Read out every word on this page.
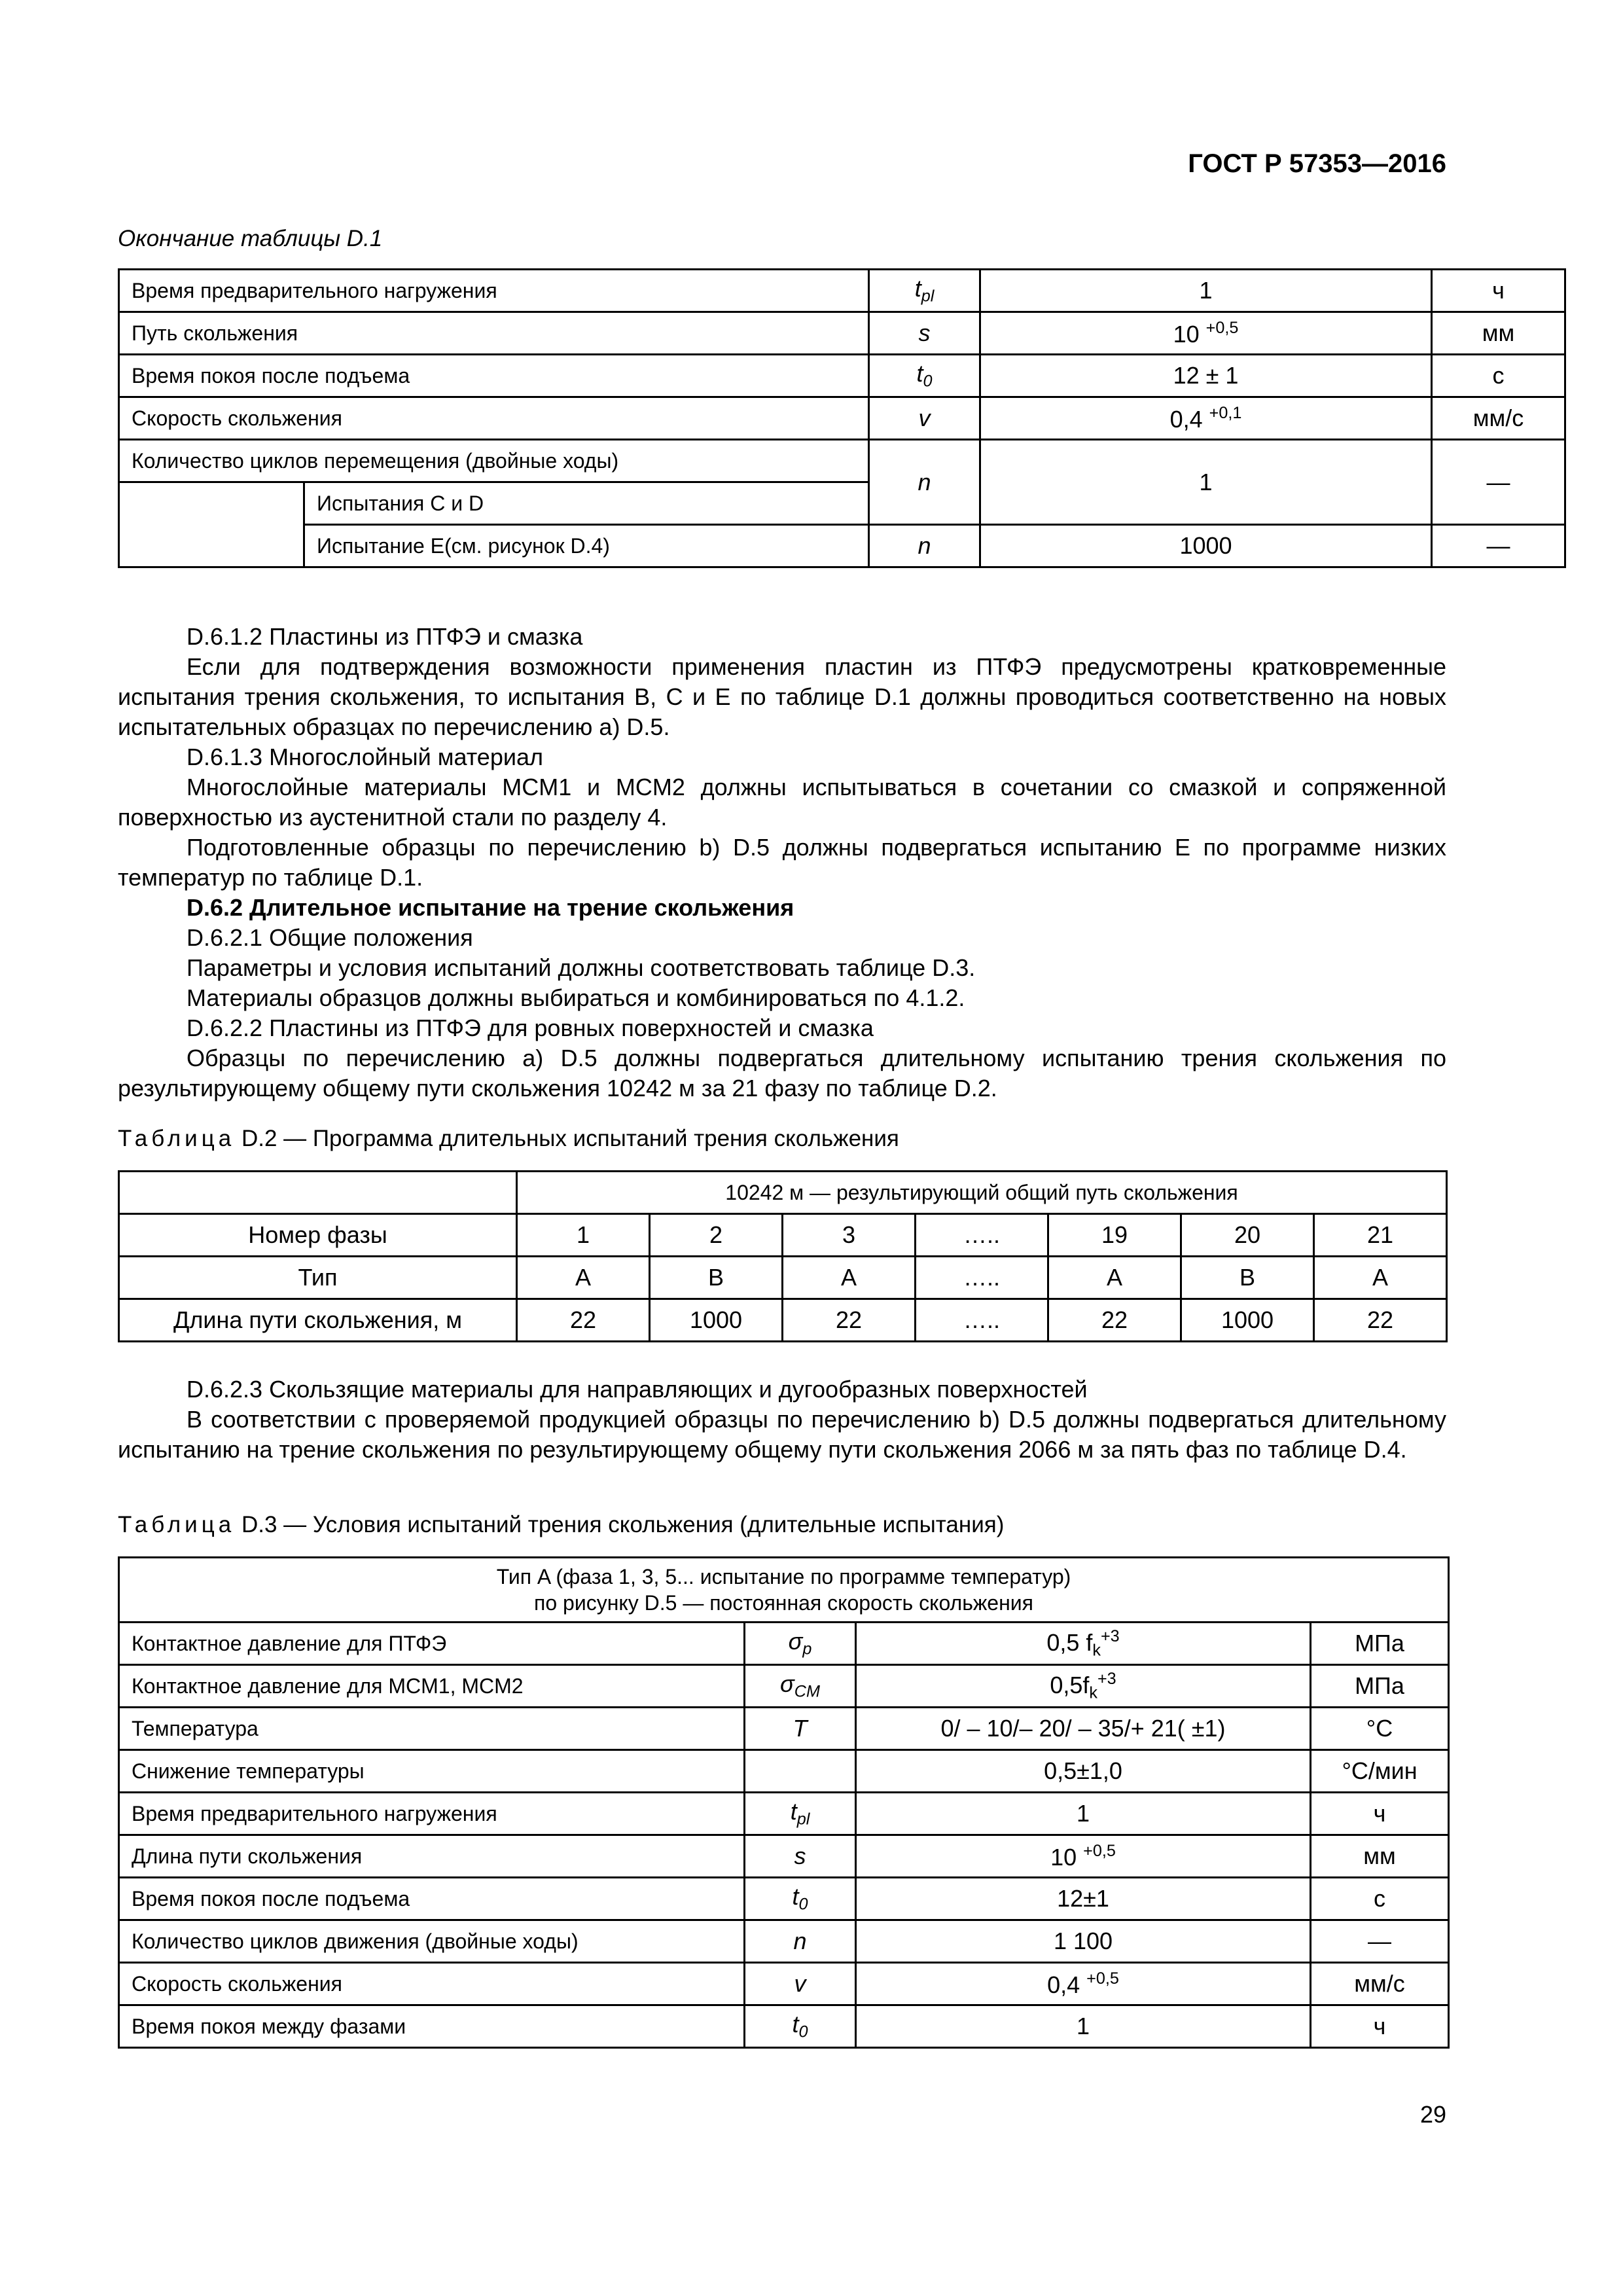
ГОСТ Р 57353—2016
Окончание таблицы D.1
Время предварительного нагружения		$t_{pl}$	1	ч
Путь скольжения		s	10 $^{+0,5}$	мм
Время покоя после подъема		$t_0$	12 ± 1	с
Скорость скольжения		v	0,4 $^{+0,1}$	мм/с
Количество циклов перемещения (двойные ходы)		n	1	—
	Испытания C и D			
	Испытание E(см. рисунок D.4)	n	1000	—

D.6.1.2 Пластины из ПТФЭ и смазка

Если для подтверждения возможности применения пластин из ПТФЭ предусмотрены кратковременные испытания трения скольжения, то испытания B, C и E по таблице D.1 должны проводиться соответственно на новых испытательных образцах по перечислению a) D.5.

D.6.1.3 Многослойный материал

Многослойные материалы MCM1 и MCM2 должны испытываться в сочетании со смазкой и сопряженной поверхностью из аустенитной стали по разделу 4.

Подготовленные образцы по перечислению b) D.5 должны подвергаться испытанию E по программе низких температур по таблице D.1.

D.6.2 Длительное испытание на трение скольжения

D.6.2.1 Общие положения

Параметры и условия испытаний должны соответствовать таблице D.3.

Материалы образцов должны выбираться и комбинироваться по 4.1.2.

D.6.2.2 Пластины из ПТФЭ для ровных поверхностей и смазка

Образцы по перечислению a) D.5 должны подвергаться длительному испытанию трения скольжения по результирующему общему пути скольжения 10242 м за 21 фазу по таблице D.2.

Таблица D.2 — Программа длительных испытаний трения скольжения
	10242 м — результирующий общий путь скольжения						
Номер фазы	1	2	3	…..	19	20	21
Тип	A	B	A	…..	A	B	A
Длина пути скольжения, м	22	1000	22	…..	22	1000	22

D.6.2.3 Скользящие материалы для направляющих и дугообразных поверхностей

В соответствии с проверяемой продукцией образцы по перечислению b) D.5 должны подвергаться длительному испытанию на трение скольжения по результирующему общему пути скольжения 2066 м за пять фаз по таблице D.4.

Таблица D.3 — Условия испытаний трения скольжения (длительные испытания)
Тип A (фаза 1, 3, 5... испытание по программе температур)
по рисунку D.5 — постоянная скорость скольжения			

Контактное давление для ПТФЭ	$\sigma_p$	0,5 $f_k^{+3}$	МПа
Контактное давление для MCM1, MCM2	$\sigma_{CM}$	$0,5f_k^{+3}$	МПа
Температура	T	0/ – 10/– 20/ – 35/+ 21( ±1)	°C
Снижение температуры		0,5±1,0	°C/мин
Время предварительного нагружения	$t_{pl}$	1	ч
Длина пути скольжения	s	10 $^{+0,5}$	мм
Время покоя после подъема	$t_0$	12±1	с
Количество циклов движения (двойные ходы)	n	1 100	—
Скорость скольжения	v	0,4 $^{+0,5}$	мм/с
Время покоя между фазами	$t_0$	1	ч
29
